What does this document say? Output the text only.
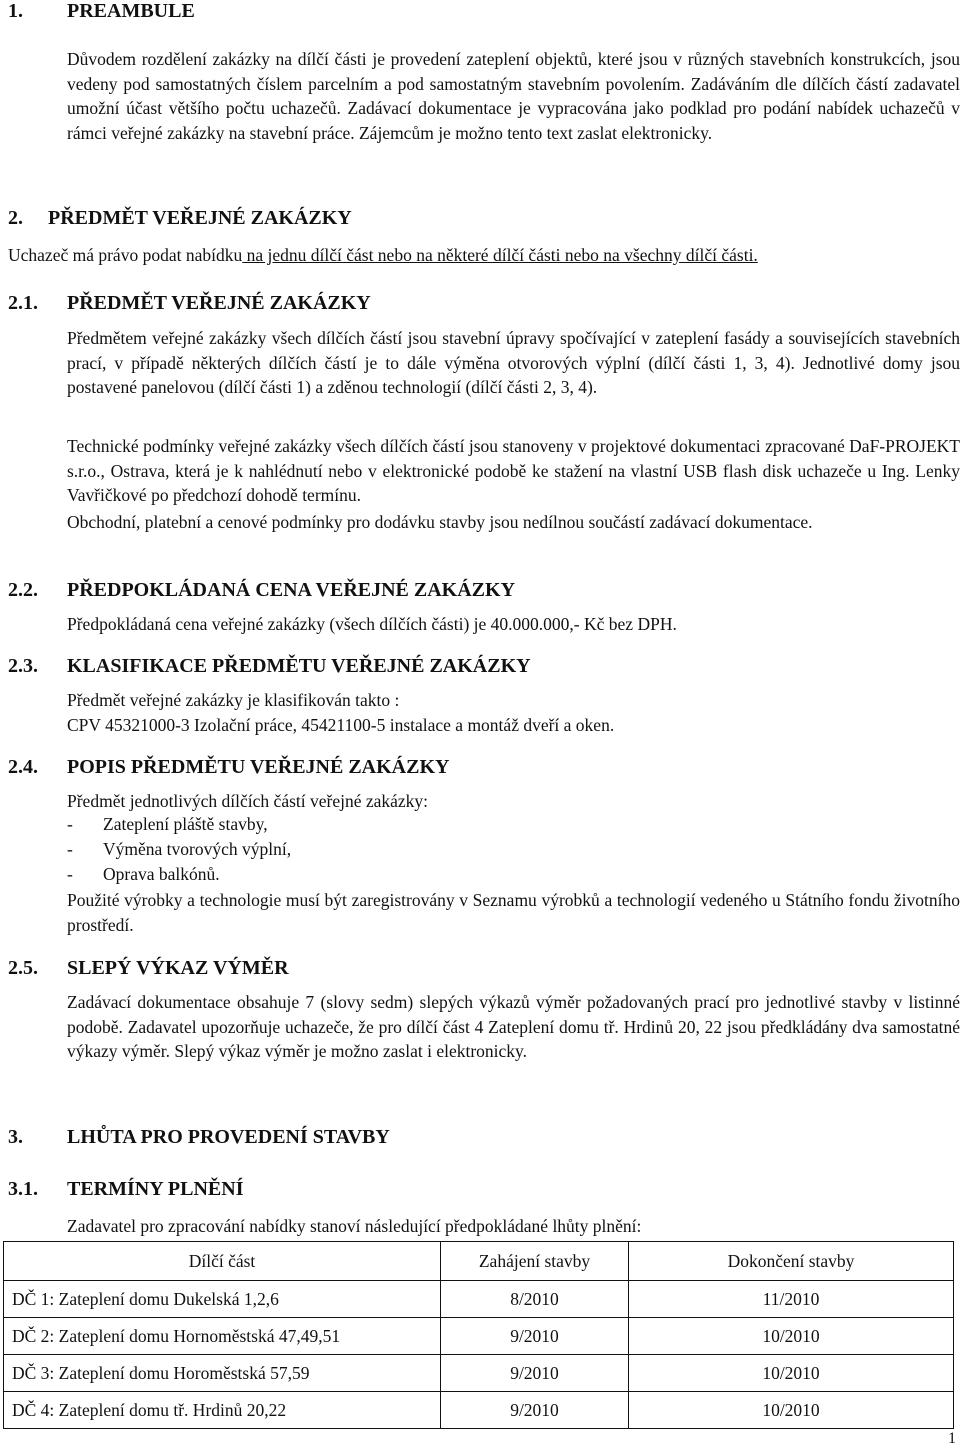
1. PREAMBULE
Důvodem rozdělení zakázky na dílčí části je provedení zateplení objektů, které jsou v různých stavebních konstrukcích, jsou vedeny pod samostatných číslem parcelním a pod samostatným stavebním povolením. Zadáváním dle dílčích částí zadavatel umožní účast většího počtu uchazečů. Zadávací dokumentace je vypracována jako podklad pro podání nabídek uchazečů v rámci veřejné zakázky na stavební práce. Zájemcům je možno tento text zaslat elektronicky.
2. PŘEDMĚT VEŘEJNÉ ZAKÁZKY
Uchazeč má právo podat nabídku na jednu dílčí část nebo na některé dílčí části nebo na všechny dílčí části.
2.1. PŘEDMĚT VEŘEJNÉ ZAKÁZKY
Předmětem veřejné zakázky všech dílčích částí jsou stavební úpravy spočívající v zateplení fasády a souvisejících stavebních prací, v případě některých dílčích částí je to dále výměna otvorových výplní (dílčí části 1, 3, 4). Jednotlivé domy jsou postavené panelovou (dílčí části 1) a zděnou technologií (dílčí části 2, 3, 4).
Technické podmínky veřejné zakázky všech dílčích částí jsou stanoveny v projektové dokumentaci zpracované DaF-PROJEKT s.r.o., Ostrava, která je k nahlédnutí nebo v elektronické podobě ke stažení na vlastní USB flash disk uchazeče u Ing. Lenky Vavřičkové po předchozí dohodě termínu.
Obchodní, platební a cenové podmínky pro dodávku stavby jsou nedílnou součástí zadávací dokumentace.
2.2. PŘEDPOKLÁDANÁ CENA VEŘEJNÉ ZAKÁZKY
Předpokládaná cena veřejné zakázky (všech dílčích části) je 40.000.000,- Kč bez DPH.
2.3. KLASIFIKACE PŘEDMĚTU VEŘEJNÉ ZAKÁZKY
Předmět veřejné zakázky je klasifikován takto :
CPV 45321000-3 Izolační práce, 45421100-5 instalace a montáž dveří a oken.
2.4. POPIS PŘEDMĚTU VEŘEJNÉ ZAKÁZKY
Předmět jednotlivých dílčích částí veřejné zakázky:
- Zateplení pláště stavby,
- Výměna tvorových výplní,
- Oprava balkónů.
Použité výrobky a technologie musí být zaregistrovány v Seznamu výrobků a technologií vedeného u Státního fondu životního prostředí.
2.5. SLEPÝ VÝKAZ VÝMĚR
Zadávací dokumentace obsahuje 7 (slovy sedm) slepých výkazů výměr požadovaných prací pro jednotlivé stavby v listinné podobě. Zadavatel upozorňuje uchazeče, že pro dílčí část 4 Zateplení domu tř. Hrdinů 20, 22 jsou předkládány dva samostatné výkazy výměr. Slepý výkaz výměr je možno zaslat i elektronicky.
3. LHŮTA PRO PROVEDENÍ STAVBY
3.1. TERMÍNY PLNĚNÍ
Zadavatel pro zpracování nabídky stanoví následující předpokládané lhůty plnění:
Dílčí část	Zahájení stavby	Dokončení stavby
DČ 1: Zateplení domu Dukelská 1,2,6	8/2010	11/2010
DČ 2: Zateplení domu Hornoměstská 47,49,51	9/2010	10/2010
DČ 3: Zateplení domu Horoměstská 57,59	9/2010	10/2010
DČ 4: Zateplení domu tř. Hrdinů 20,22	9/2010	10/2010
1
